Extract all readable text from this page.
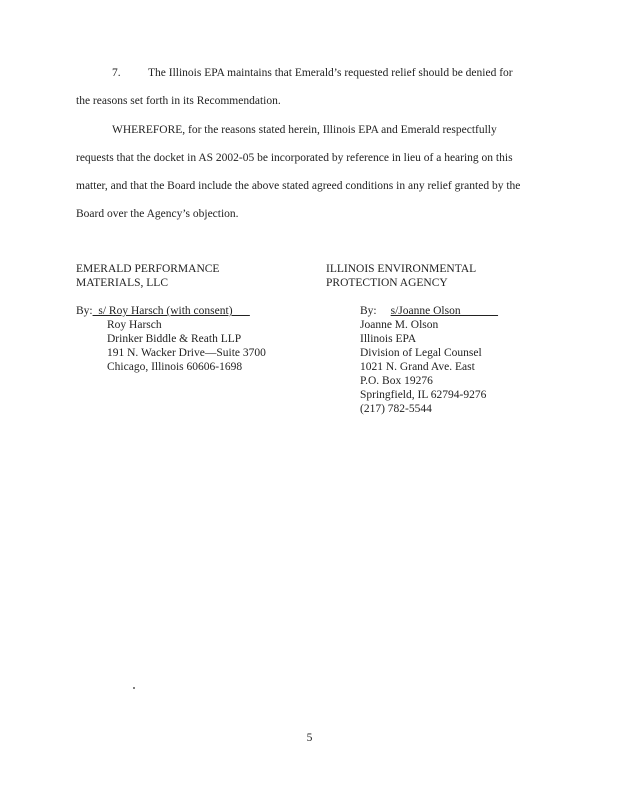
7. The Illinois EPA maintains that Emerald’s requested relief should be denied for
the reasons set forth in its Recommendation.
WHEREFORE, for the reasons stated herein, Illinois EPA and Emerald respectfully
requests that the docket in AS 2002-05 be incorporated by reference in lieu of a hearing on this
matter, and that the Board include the above stated agreed conditions in any relief granted by the
Board over the Agency’s objection.
EMERALD PERFORMANCE
MATERIALS, LLC
By:_s/ Roy Harsch (with consent)___
Roy Harsch
Drinker Biddle & Reath LLP
191 N. Wacker Drive—Suite 3700
Chicago, Illinois 60606-1698
ILLINOIS ENVIRONMENTAL
PROTECTION AGENCY
By: s/Joanne Olson ______
Joanne M. Olson
Illinois EPA
Division of Legal Counsel
1021 N. Grand Ave. East
P.O. Box 19276
Springfield, IL 62794-9276
(217) 782-5544
5
